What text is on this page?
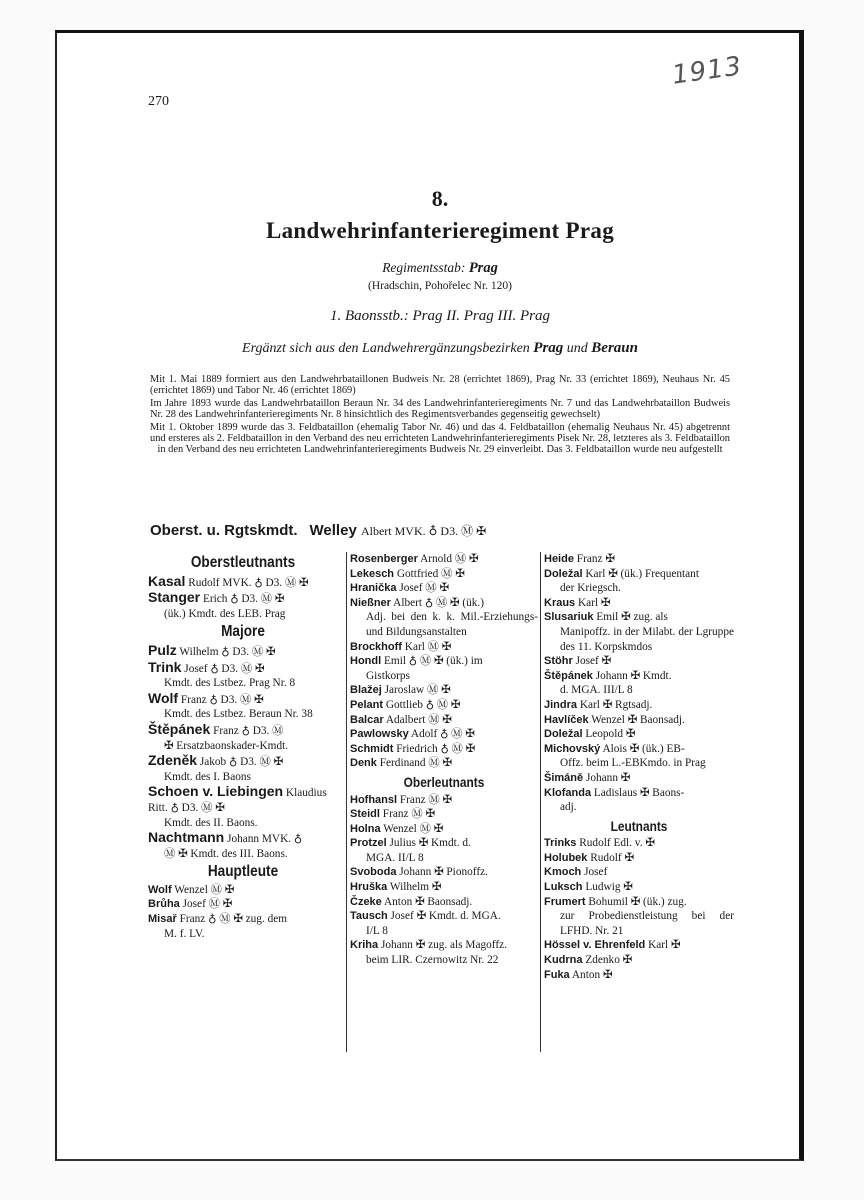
270
1913
8.
Landwehrinfanterieregiment Prag
Regimentsstab: Prag
(Hradschin, Pohořelec Nr. 120)
1. Baonsstb.: Prag II. Prag III. Prag
Ergänzt sich aus den Landwehrergänzungsbezirken Prag und Beraun

Mit 1. Mai 1889 formiert aus den Landwehrbataillonen Budweis Nr. 28 (errichtet 1869), Prag Nr. 33 (errichtet 1869), Neuhaus Nr. 45 (errichtet 1869) und Tabor Nr. 46 (errichtet 1869)

Im Jahre 1893 wurde das Landwehrbataillon Beraun Nr. 34 des Landwehrinfanterieregiments Nr. 7 und das Landwehrbataillon Budweis Nr. 28 des Landwehrinfanterieregiments Nr. 8 hinsichtlich des Regimentsverbandes gegenseitig gewechselt)

Mit 1. Oktober 1899 wurde das 3. Feldbataillon (ehemalig Tabor Nr. 46) und das 4. Feldbataillon (ehemalig Neuhaus Nr. 45) abgetrennt und ersteres als 2. Feldbataillon in den Verband des neu errichteten Landwehrinfanterieregiments Pisek Nr. 28, letzteres als 3. Feldbataillon in den Verband des neu errichteten Landwehrinfanterieregiments Budweis Nr. 29 einverleibt. Das 3. Feldbataillon wurde neu aufgestellt

Oberst. u. Rgtskmdt. Welley Albert MVK. ♁ D3. Ⓜ ✠
Oberstleutnants
Kasal Rudolf MVK. ♁ D3. Ⓜ ✠
Stanger Erich ♁ D3. Ⓜ ✠
(ük.) Kmdt. des LEB. Prag
Majore
Pulz Wilhelm ♁ D3. Ⓜ ✠
Trink Josef ♁ D3. Ⓜ ✠
Kmdt. des Lstbez. Prag Nr. 8
Wolf Franz ♁ D3. Ⓜ ✠
Kmdt. des Lstbez. Beraun Nr. 38
Štěpánek Franz ♁ D3. Ⓜ
✠ Ersatzbaonskader-Kmdt.
Zdeněk Jakob ♁ D3. Ⓜ ✠
Kmdt. des I. Baons
Schoen v. Liebingen Klaudius Ritt. ♁ D3. Ⓜ ✠
Kmdt. des II. Baons.
Nachtmann Johann MVK. ♁
Ⓜ ✠ Kmdt. des III. Baons.
Hauptleute
Wolf Wenzel Ⓜ ✠
Brůha Josef Ⓜ ✠
Misař Franz ♁ Ⓜ ✠ zug. dem
M. f. LV.
Rosenberger Arnold Ⓜ ✠
Lekesch Gottfried Ⓜ ✠
Hranička Josef Ⓜ ✠
Nießner Albert ♁ Ⓜ ✠ (ük.)
Adj. bei den k. k. Mil.-Erziehungs- und Bildungsanstalten
Brockhoff Karl Ⓜ ✠
Hondl Emil ♁ Ⓜ ✠ (ük.) im
Gistkorps
Blažej Jaroslaw Ⓜ ✠
Pelant Gottlieb ♁ Ⓜ ✠
Balcar Adalbert Ⓜ ✠
Pawlowsky Adolf ♁ Ⓜ ✠
Schmidt Friedrich ♁ Ⓜ ✠
Denk Ferdinand Ⓜ ✠
Oberleutnants
Hofhansl Franz Ⓜ ✠
Steidl Franz Ⓜ ✠
Holna Wenzel Ⓜ ✠
Protzel Julius ✠ Kmdt. d.
MGA. II/L 8
Svoboda Johann ✠ Pionoffz.
Hruška Wilhelm ✠
Čzeke Anton ✠ Baonsadj.
Tausch Josef ✠ Kmdt. d. MGA.
I/L 8
Kriha Johann ✠ zug. als Magoffz.
beim LIR. Czernowitz Nr. 22
Heide Franz ✠
Doležal Karl ✠ (ük.) Frequentant
der Kriegsch.
Kraus Karl ✠
Slusariuk Emil ✠ zug. als
Manipoffz. in der Milabt. der Lgruppe des 11. Korpskmdos
Stöhr Josef ✠
Štěpánek Johann ✠ Kmdt.
d. MGA. III/L 8
Jindra Karl ✠ Rgtsadj.
Havlíček Wenzel ✠ Baonsadj.
Doležal Leopold ✠
Michovský Alois ✠ (ük.) EB-
Offz. beim L.-EBKmdo. in Prag
Šimáně Johann ✠
Klofanda Ladislaus ✠ Baons-
adj.
Leutnants
Trinks Rudolf Edl. v. ✠
Holubek Rudolf ✠
Kmoch Josef
Luksch Ludwig ✠
Frumert Bohumil ✠ (ük.) zug.
zur Probedienstleistung bei der LFHD. Nr. 21
Hössel v. Ehrenfeld Karl ✠
Kudrna Zdenko ✠
Fuka Anton ✠
